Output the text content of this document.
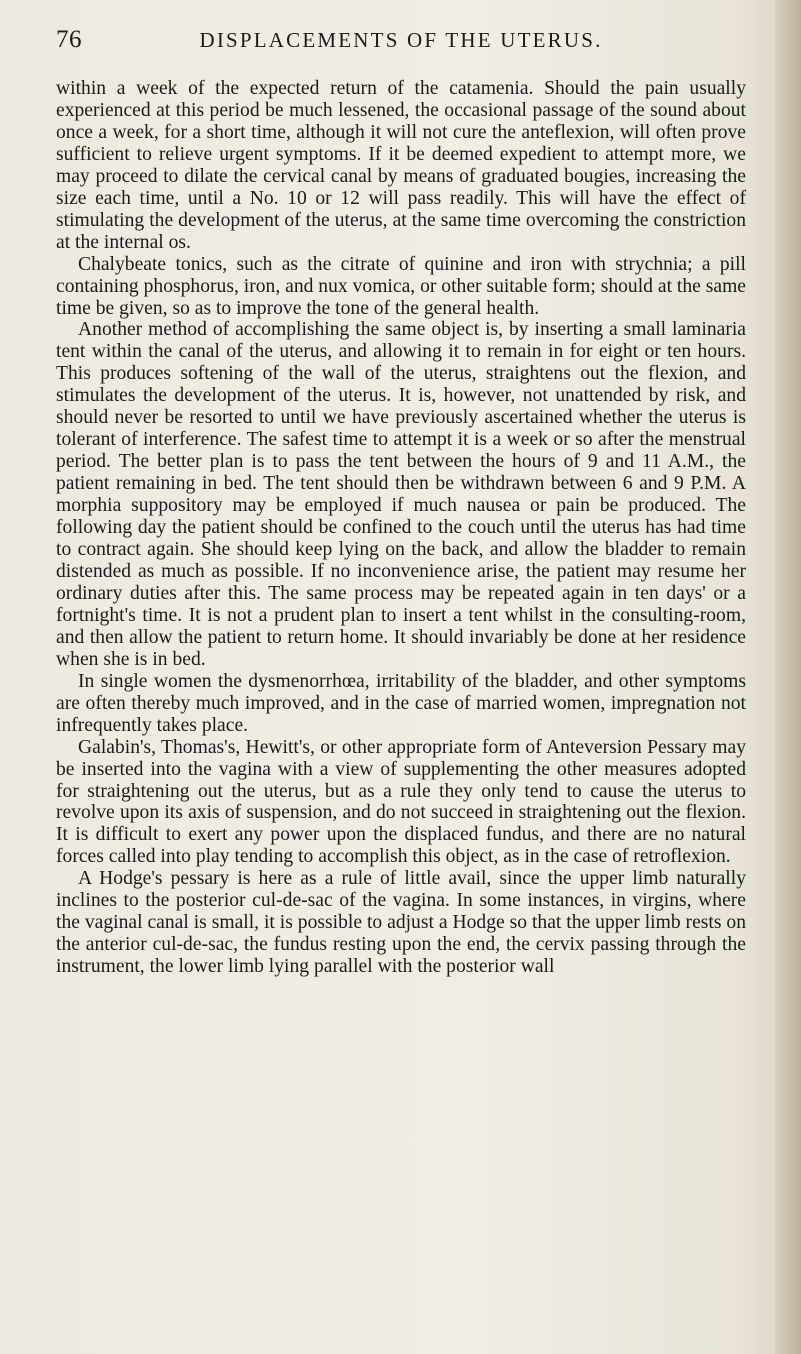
76	DISPLACEMENTS OF THE UTERUS.

within a week of the expected return of the catamenia. Should the pain usually experienced at this period be much lessened, the occasional passage of the sound about once a week, for a short time, although it will not cure the anteflexion, will often prove sufficient to relieve urgent symptoms. If it be deemed expedient to attempt more, we may proceed to dilate the cervical canal by means of graduated bougies, increasing the size each time, until a No. 10 or 12 will pass readily. This will have the effect of stimulating the development of the uterus, at the same time overcoming the constriction at the internal os.

Chalybeate tonics, such as the citrate of quinine and iron with strychnia; a pill containing phosphorus, iron, and nux vomica, or other suitable form; should at the same time be given, so as to improve the tone of the general health.

Another method of accomplishing the same object is, by inserting a small laminaria tent within the canal of the uterus, and allowing it to remain in for eight or ten hours. This produces softening of the wall of the uterus, straightens out the flexion, and stimulates the development of the uterus. It is, however, not unattended by risk, and should never be resorted to until we have previously ascertained whether the uterus is tolerant of interference. The safest time to attempt it is a week or so after the menstrual period. The better plan is to pass the tent between the hours of 9 and 11 A.M., the patient remaining in bed. The tent should then be withdrawn between 6 and 9 P.M. A morphia suppository may be employed if much nausea or pain be produced. The following day the patient should be confined to the couch until the uterus has had time to contract again. She should keep lying on the back, and allow the bladder to remain distended as much as possible. If no inconvenience arise, the patient may resume her ordinary duties after this. The same process may be repeated again in ten days' or a fortnight's time. It is not a prudent plan to insert a tent whilst in the consulting-room, and then allow the patient to return home. It should invariably be done at her residence when she is in bed.

In single women the dysmenorrhœa, irritability of the bladder, and other symptoms are often thereby much improved, and in the case of married women, impregnation not infrequently takes place.

Galabin's, Thomas's, Hewitt's, or other appropriate form of Anteversion Pessary may be inserted into the vagina with a view of supplementing the other measures adopted for straightening out the uterus, but as a rule they only tend to cause the uterus to revolve upon its axis of suspension, and do not succeed in straightening out the flexion. It is difficult to exert any power upon the displaced fundus, and there are no natural forces called into play tending to accomplish this object, as in the case of retroflexion.

A Hodge's pessary is here as a rule of little avail, since the upper limb naturally inclines to the posterior cul-de-sac of the vagina. In some instances, in virgins, where the vaginal canal is small, it is possible to adjust a Hodge so that the upper limb rests on the anterior cul-de-sac, the fundus resting upon the end, the cervix passing through the instrument, the lower limb lying parallel with the posterior wall
